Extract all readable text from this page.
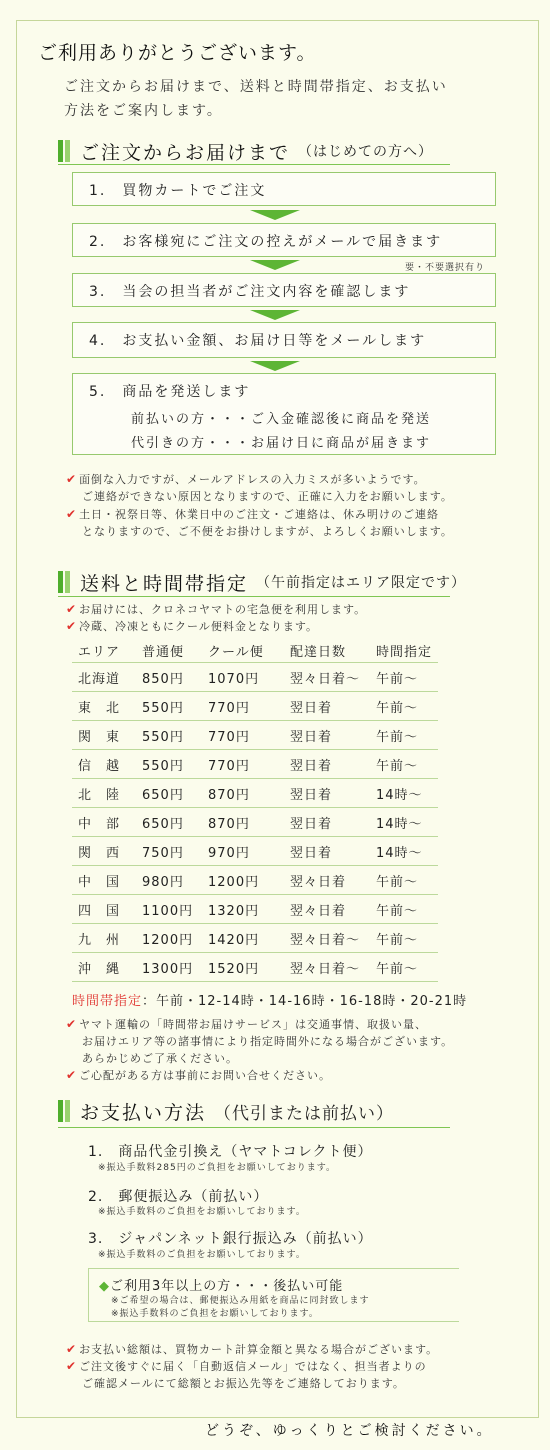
ご利用ありがとうございます。
ご注文からお届けまで、送料と時間帯指定、お支払い
方法をご案内します。
ご注文からお届けまで （はじめての方へ）
1.　 買物カートでご注文
2.　 お客様宛にご注文の控えがメールで届きます
要・不要選択有り
3.　 当会の担当者がご注文内容を確認します
4.　 お支払い金額、お届け日等をメールします
5.　 商品を発送します
前払いの方・・・ご入金確認後に商品を発送
代引きの方・・・お届け日に商品が届きます
✔ 面倒な入力ですが、メールアドレスの入力ミスが多いようです。
ご連絡ができない原因となりますので、正確に入力をお願いします。
✔ 土日・祝祭日等、休業日中のご注文・ご連絡は、休み明けのご連絡
となりますので、ご不便をお掛けしますが、よろしくお願いします。
送料と時間帯指定 （午前指定はエリア限定です）
✔ お届けには、クロネコヤマトの宅急便を利用します。
✔ 冷蔵、冷凍ともにクール便料金となります。
エリア	普通便	クール便	配達日数	時間指定
北海道	850円	1070円	翌々日着〜	午前〜
東　北	550円	770円	翌日着	午前〜
関　東	550円	770円	翌日着	午前〜
信　越	550円	770円	翌日着	午前〜
北　陸	650円	870円	翌日着	14時〜
中　部	650円	870円	翌日着	14時〜
関　西	750円	970円	翌日着	14時〜
中　国	980円	1200円	翌々日着	午前〜
四　国	1100円	1320円	翌々日着	午前〜
九　州	1200円	1420円	翌々日着〜	午前〜
沖　縄	1300円	1520円	翌々日着〜	午前〜
時間帯指定：午前・12-14時・14-16時・16-18時・20-21時
✔ ヤマト運輸の「時間帯お届けサービス」は交通事情、取扱い量、
お届けエリア等の諸事情により指定時間外になる場合がございます。
あらかじめご了承ください。
✔ ご心配がある方は事前にお問い合せください。
お支払い方法 （代引または前払い）
1.　 商品代金引換え（ヤマトコレクト便）
※振込手数料285円のご負担をお願いしております。
2.　 郵便振込み（前払い）
※振込手数料のご負担をお願いしております。
3.　 ジャパンネット銀行振込み（前払い）
※振込手数料のご負担をお願いしております。
◆ご利用3年以上の方・・・後払い可能
※ご希望の場合は、郵便振込み用紙を商品に同封致します
※振込手数料のご負担をお願いしております。
✔ お支払い総額は、買物カート計算金額と異なる場合がございます。
✔ ご注文後すぐに届く「自動返信メール」ではなく、担当者よりの
ご確認メールにて総額とお振込先等をご連絡しております。
どうぞ、ゆっくりとご検討ください。
